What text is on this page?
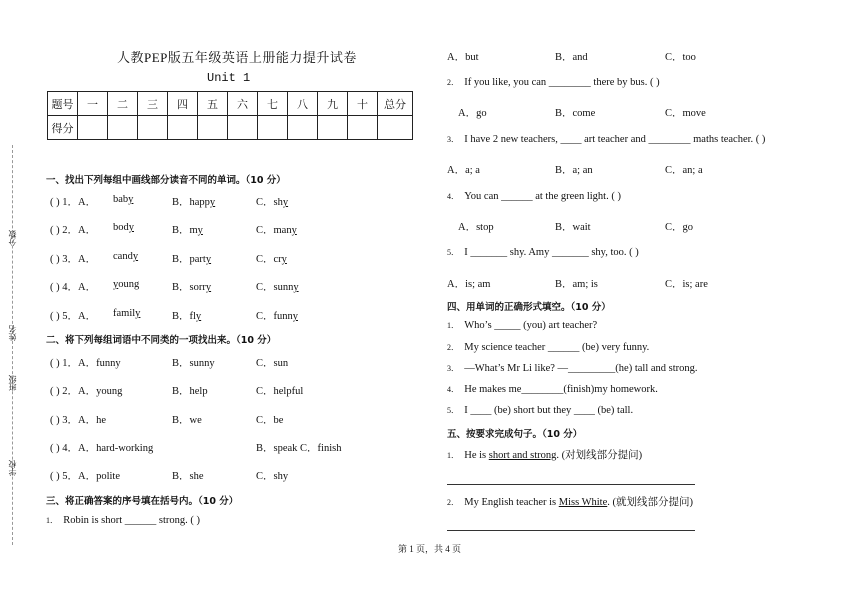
分数
姓名
班级
学校
人教PEP版五年级英语上册能力提升试卷
Unit 1
题号	一	二	三	四	五	六	七	八	九	十	总分
得分											
一、找出下列每组中画线部分读音不同的单词。（10 分）
( ) 1．A． baby	B．happy	C．shy
( ) 2．A． body	B．my	C．many
( ) 3．A． candy	B．party	C．cry
( ) 4．A． young	B．sorry	C．sunny
( ) 5．A． family	B．fly	C．funny
二、将下列每组词语中不同类的一项找出来。（10 分）
( ) 1．A．funny	B．sunny	C．sun
( ) 2．A．young	B．help	C．helpful
( ) 3．A．he	B．we	C．be
( ) 4．A．hard-working	B．speak C．finish
( ) 5．A．polite	B．she	C．shy
三、将正确答案的序号填在括号内。（10 分）
1． Robin is short ______ strong. ( )
A．but	B．and	C．too
2． If you like, you can ________ there by bus. ( )
A．go	B．come	C．move
3． I have 2 new teachers, ____ art teacher and ________ maths teacher. ( )
A．a; a	B．a; an	C．an; a
4． You can ______ at the green light. ( )
A．stop	B．wait	C．go
5． I _______ shy. Amy _______ shy, too. ( )
A．is; am	B．am; is	C．is; are
四、用单词的正确形式填空。（10 分）
1． Who’s _____ (you) art teacher?
2． My science teacher ______ (be) very funny.
3． —What’s Mr Li like? —_________(he) tall and strong.
4． He makes me________(finish)my homework.
5． I ____ (be) short but they ____ (be) tall.
五、按要求完成句子。（10 分）
1． He is short and strong. (对划线部分提问)
2． My English teacher is Miss White. (就划线部分提问)
第 1 页，共 4 页
